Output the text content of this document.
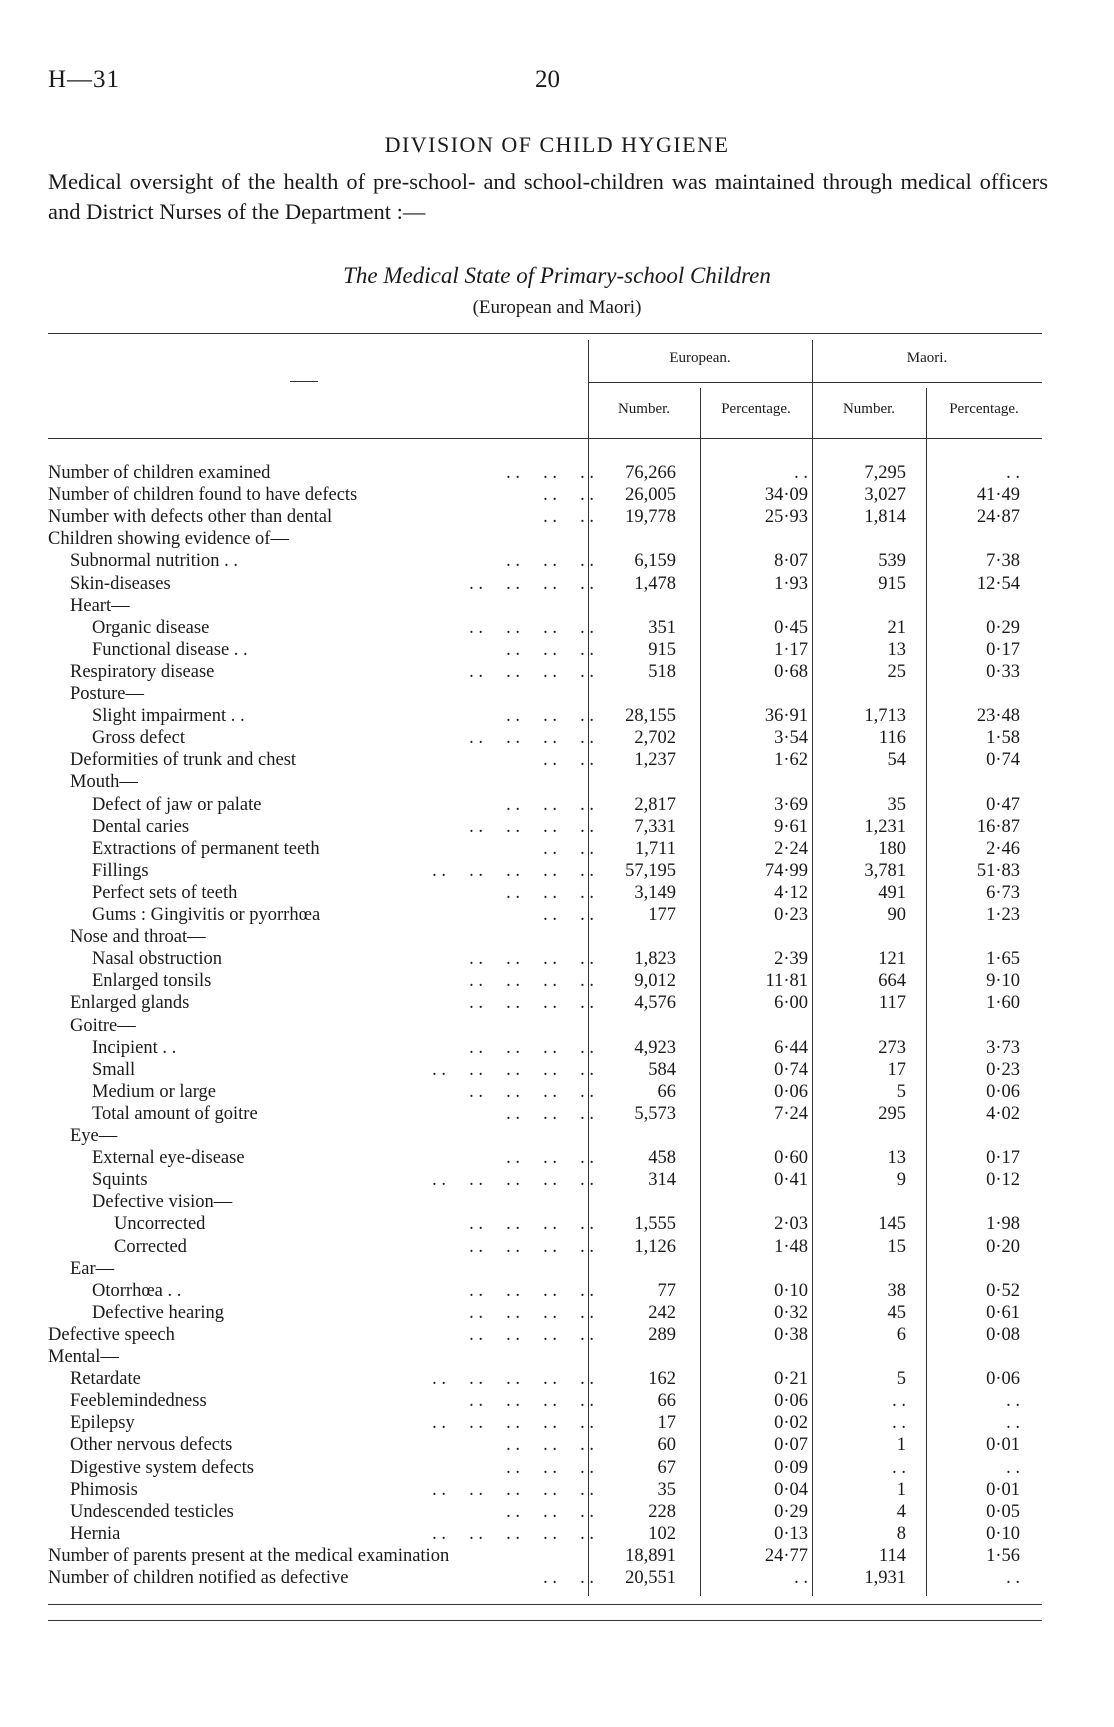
H—31	20
DIVISION OF CHILD HYGIENE
Medical oversight of the health of pre-school- and school-children was maintained through medical officers and District Nurses of the Department :—
The Medical State of Primary-school Children
(European and Maori)
European.	Maori.
Number.	Percentage.	Number.	Percentage.
Number of children examined	. .     . .     . .	76,266	. .	7,295	. .
Number of children found to have defects	. .     . .	26,005	34·09	3,027	41·49
Number with defects other than dental	. .     . .	19,778	25·93	1,814	24·87
Children showing evidence of—
Subnormal nutrition . .	. .     . .     . .	6,159	8·07	539	7·38
Skin-diseases	. .     . .     . .     . .	1,478	1·93	915	12·54
Heart—
Organic disease	. .     . .     . .     . .	351	0·45	21	0·29
Functional disease . .	. .     . .     . .	915	1·17	13	0·17
Respiratory disease	. .     . .     . .     . .	518	0·68	25	0·33
Posture—
Slight impairment . .	. .     . .     . .	28,155	36·91	1,713	23·48
Gross defect	. .     . .     . .     . .	2,702	3·54	116	1·58
Deformities of trunk and chest	. .     . .	1,237	1·62	54	0·74
Mouth—
Defect of jaw or palate	. .     . .     . .	2,817	3·69	35	0·47
Dental caries	. .     . .     . .     . .	7,331	9·61	1,231	16·87
Extractions of permanent teeth	. .     . .	1,711	2·24	180	2·46
Fillings	. .     . .     . .     . .     . .	57,195	74·99	3,781	51·83
Perfect sets of teeth	. .     . .     . .	3,149	4·12	491	6·73
Gums : Gingivitis or pyorrhœa	. .     . .	177	0·23	90	1·23
Nose and throat—
Nasal obstruction	. .     . .     . .     . .	1,823	2·39	121	1·65
Enlarged tonsils	. .     . .     . .     . .	9,012	11·81	664	9·10
Enlarged glands	. .     . .     . .     . .	4,576	6·00	117	1·60
Goitre—
Incipient . .	. .     . .     . .     . .	4,923	6·44	273	3·73
Small	. .     . .     . .     . .     . .	584	0·74	17	0·23
Medium or large	. .     . .     . .     . .	66	0·06	5	0·06
Total amount of goitre	. .     . .     . .	5,573	7·24	295	4·02
Eye—
External eye-disease	. .     . .     . .	458	0·60	13	0·17
Squints	. .     . .     . .     . .     . .	314	0·41	9	0·12
Defective vision—
Uncorrected	. .     . .     . .     . .	1,555	2·03	145	1·98
Corrected	. .     . .     . .     . .	1,126	1·48	15	0·20
Ear—
Otorrhœa . .	. .     . .     . .     . .	77	0·10	38	0·52
Defective hearing	. .     . .     . .     . .	242	0·32	45	0·61
Defective speech	. .     . .     . .     . .	289	0·38	6	0·08
Mental—
Retardate	. .     . .     . .     . .     . .	162	0·21	5	0·06
Feeblemindedness	. .     . .     . .     . .	66	0·06	. .	. .
Epilepsy	. .     . .     . .     . .     . .	17	0·02	. .	. .
Other nervous defects	. .     . .     . .	60	0·07	1	0·01
Digestive system defects	. .     . .     . .	67	0·09	. .	. .
Phimosis	. .     . .     . .     . .     . .	35	0·04	1	0·01
Undescended testicles	. .     . .     . .	228	0·29	4	0·05
Hernia	. .     . .     . .     . .     . .	102	0·13	8	0·10
Number of parents present at the medical examination	18,891	24·77	114	1·56
Number of children notified as defective	. .     . .	20,551	. .	1,931	. .
